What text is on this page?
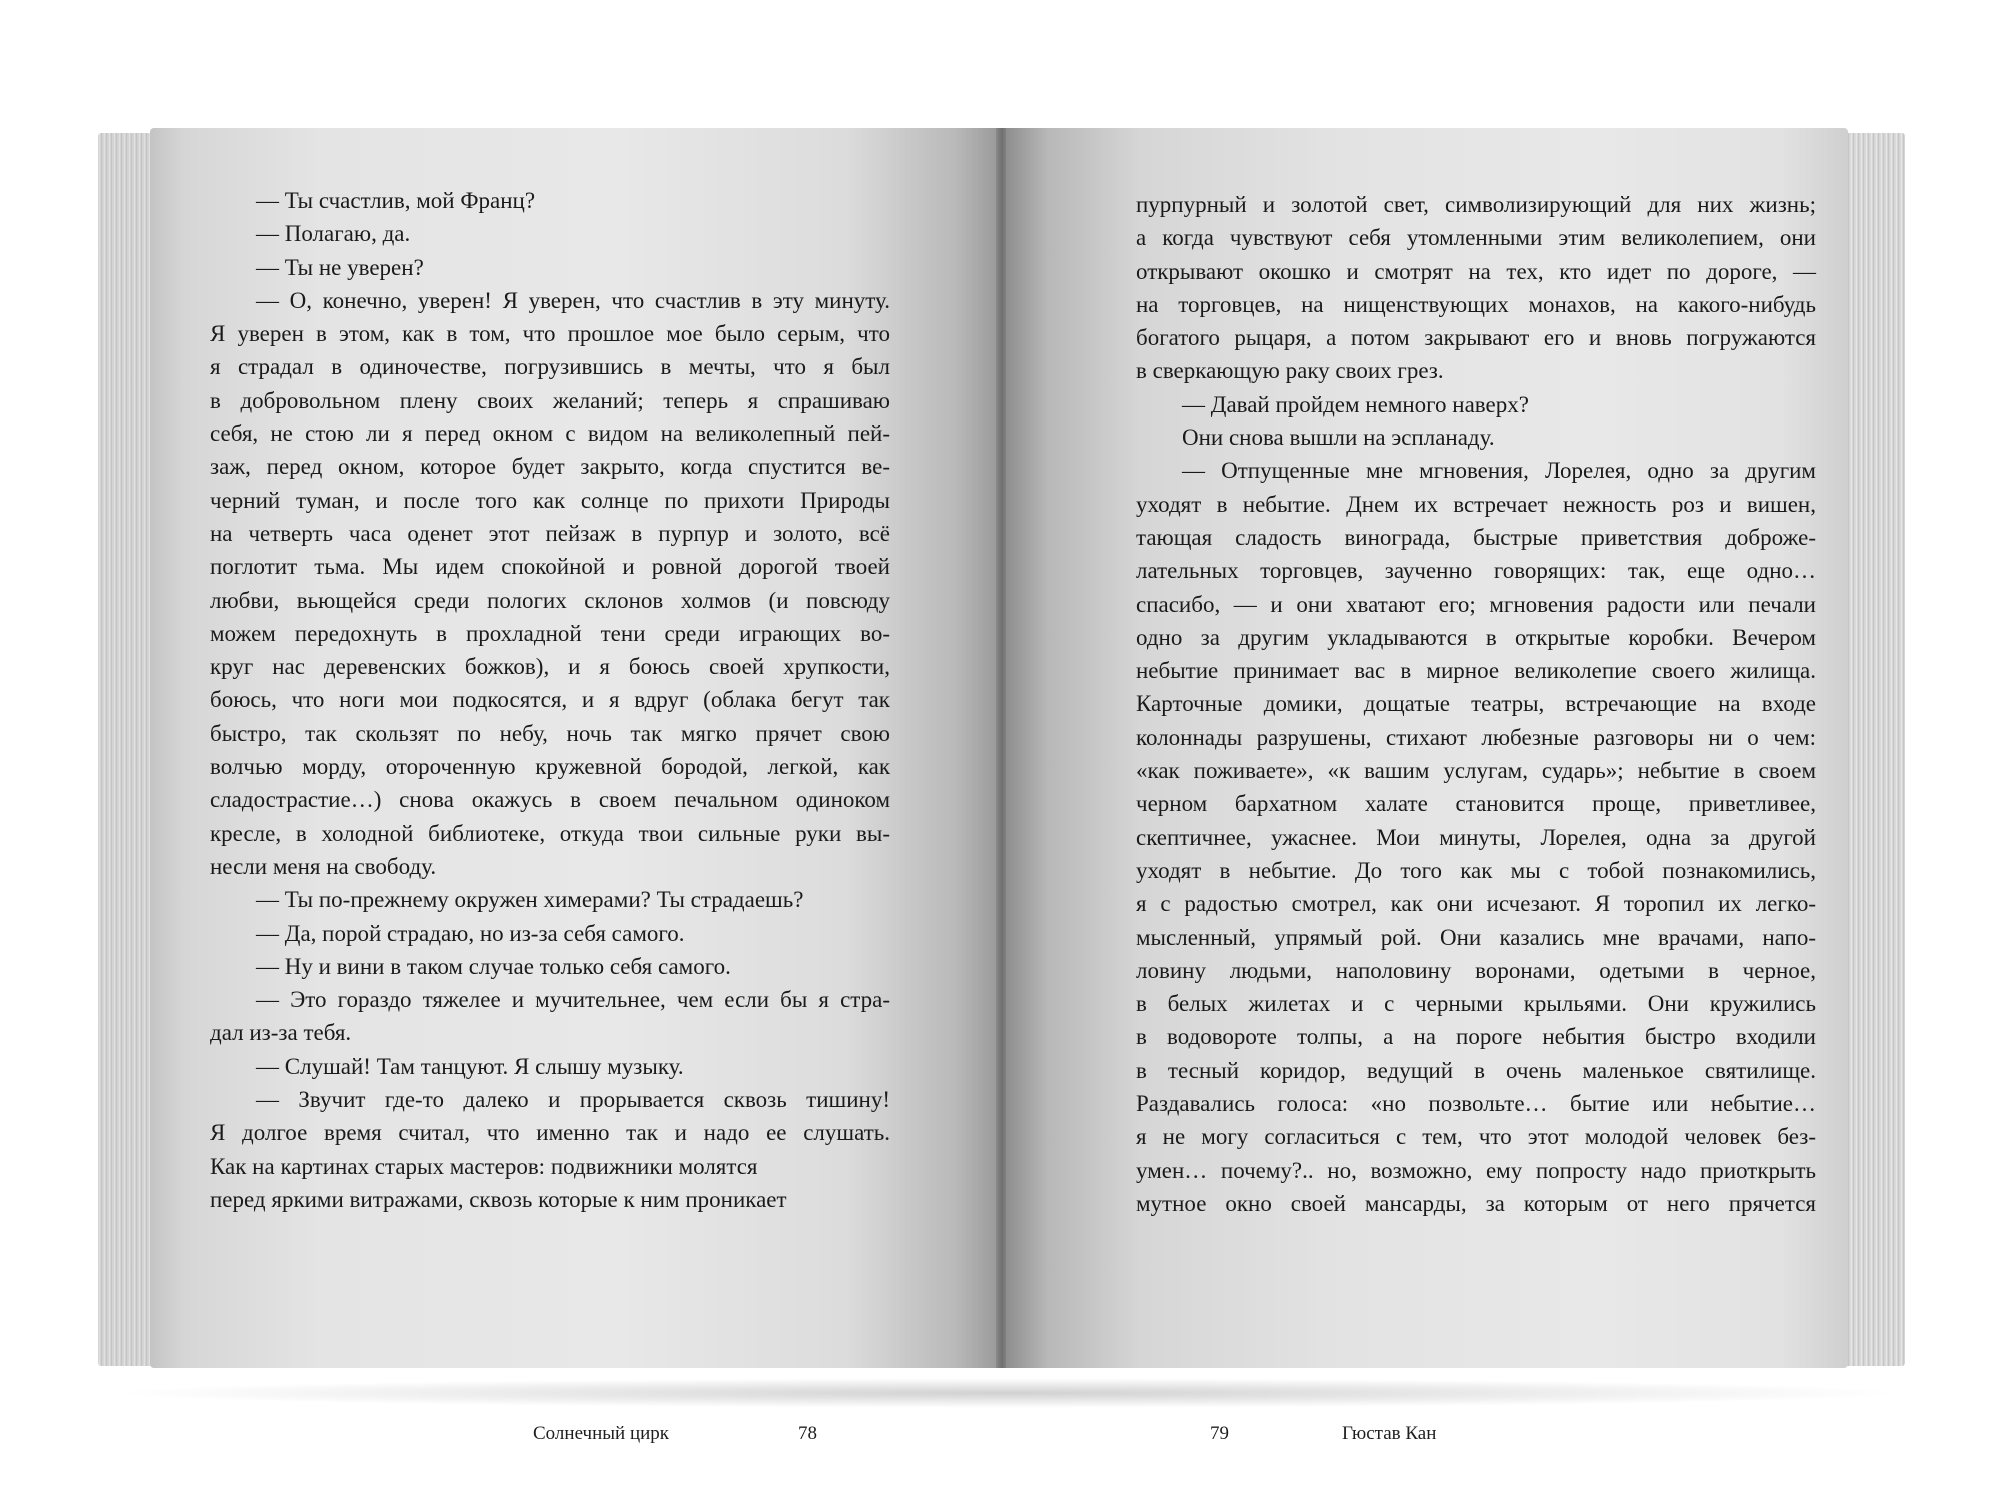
— Ты счастлив, мой Франц?

— Полагаю, да.

— Ты не уверен?

— О, конечно, уверен! Я уверен, что счастлив в эту минуту.

Я уверен в этом, как в том, что прошлое мое было серым, что

я страдал в одиночестве, погрузившись в мечты, что я был

в добровольном плену своих желаний; теперь я спрашиваю

себя, не стою ли я перед окном с видом на великолепный пей-

заж, перед окном, которое будет закрыто, когда спустится ве-

черний туман, и после того как солнце по прихоти Природы

на четверть часа оденет этот пейзаж в пурпур и золото, всё

поглотит тьма. Мы идем спокойной и ровной дорогой твоей

любви, вьющейся среди пологих склонов холмов (и повсюду

можем передохнуть в прохладной тени среди играющих во-

круг нас деревенских божков), и я боюсь своей хрупкости,

боюсь, что ноги мои подкосятся, и я вдруг (облака бегут так

быстро, так скользят по небу, ночь так мягко прячет свою

волчью морду, отороченную кружевной бородой, легкой, как

сладострастие…) снова окажусь в своем печальном одиноком

кресле, в холодной библиотеке, откуда твои сильные руки вы-

несли меня на свободу.

— Ты по-прежнему окружен химерами? Ты страдаешь?

— Да, порой страдаю, но из-за себя самого.

— Ну и вини в таком случае только себя самого.

— Это гораздо тяжелее и мучительнее, чем если бы я стра-

дал из-за тебя.

— Слушай! Там танцуют. Я слышу музыку.

— Звучит где-то далеко и прорывается сквозь тишину!

Я долгое время считал, что именно так и надо ее слушать.

Как на картинах старых мастеров: подвижники молятся

перед яркими витражами, сквозь которые к ним проникает

Солнечный цирк	78

пурпурный и золотой свет, символизирующий для них жизнь;

а когда чувствуют себя утомленными этим великолепием, они

открывают окошко и смотрят на тех, кто идет по дороге, —

на торговцев, на нищенствующих монахов, на какого-нибудь

богатого рыцаря, а потом закрывают его и вновь погружаются

в сверкающую раку своих грез.

— Давай пройдем немного наверх?

Они снова вышли на эспланаду.

— Отпущенные мне мгновения, Лорелея, одно за другим

уходят в небытие. Днем их встречает нежность роз и вишен,

тающая сладость винограда, быстрые приветствия доброже-

лательных торговцев, заученно говорящих: так, еще одно…

спасибо, — и они хватают его; мгновения радости или печали

одно за другим укладываются в открытые коробки. Вечером

небытие принимает вас в мирное великолепие своего жилища.

Карточные домики, дощатые театры, встречающие на входе

колоннады разрушены, стихают любезные разговоры ни о чем:

«как поживаете», «к вашим услугам, сударь»; небытие в своем

черном бархатном халате становится проще, приветливее,

скептичнее, ужаснее. Мои минуты, Лорелея, одна за другой

уходят в небытие. До того как мы с тобой познакомились,

я с радостью смотрел, как они исчезают. Я торопил их легко-

мысленный, упрямый рой. Они казались мне врачами, напо-

ловину людьми, наполовину воронами, одетыми в черное,

в белых жилетах и с черными крыльями. Они кружились

в водовороте толпы, а на пороге небытия быстро входили

в тесный коридор, ведущий в очень маленькое святилище.

Раздавались голоса: «но позвольте… бытие или небытие…

я не могу согласиться с тем, что этот молодой человек без-

умен… почему?.. но, возможно, ему попросту надо приоткрыть

мутное окно своей мансарды, за которым от него прячется

79	Гюстав Кан
